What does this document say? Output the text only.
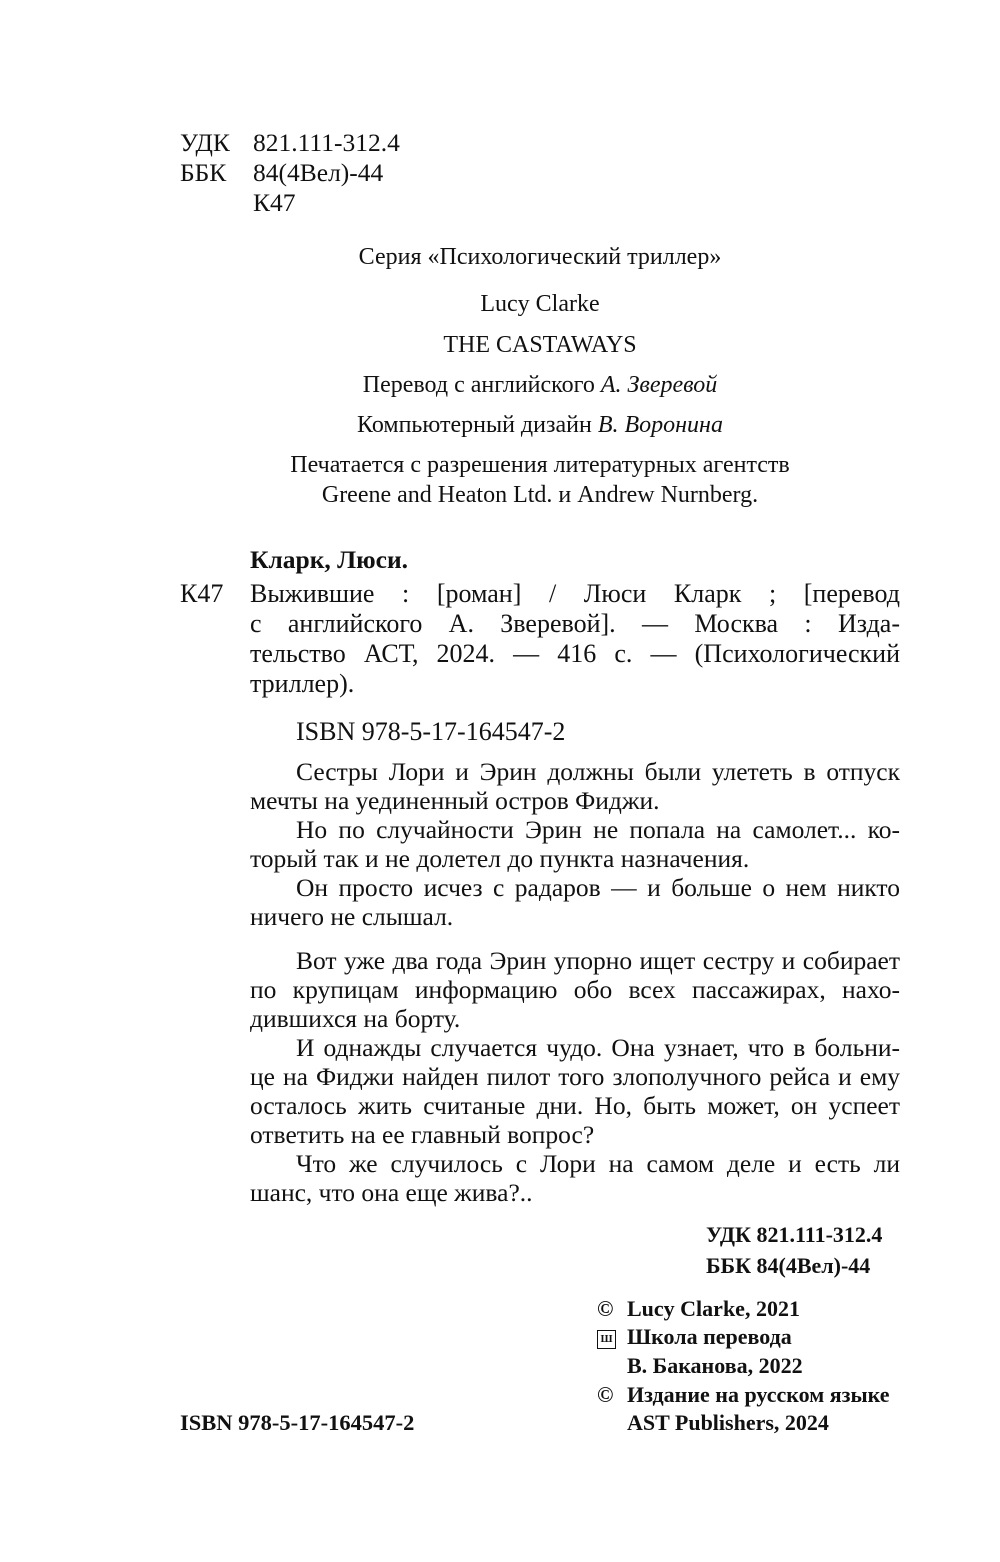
УДК 821.111-312.4
ББК 84(4Вел)-44
К47
Серия «Психологический триллер»
Lucy Clarke
THE CASTAWAYS
Перевод с английского А. Зверевой
Компьютерный дизайн В. Воронина
Печатается с разрешения литературных агентств
Greene and Heaton Ltd. и Andrew Nurnberg.
Кларк, Люси.
К47 Выжившие : [роман] / Люси Кларк ; [перевод
с английского А. Зверевой]. — Москва : Изда-
тельство АСТ, 2024. — 416 с. — (Психологический
триллер).
ISBN 978-5-17-164547-2
Сестры Лори и Эрин должны были улететь в отпуск
мечты на уединенный остров Фиджи.
Но по случайности Эрин не попала на самолет... ко-
торый так и не долетел до пункта назначения.
Он просто исчез с радаров — и больше о нем никто
ничего не слышал.
Вот уже два года Эрин упорно ищет сестру и собирает
по крупицам информацию обо всех пассажирах, нахо-
дившихся на борту.
И однажды случается чудо. Она узнает, что в больни-
це на Фиджи найден пилот того злополучного рейса и ему
осталось жить считаные дни. Но, быть может, он успеет
ответить на ее главный вопрос?
Что же случилось с Лори на самом деле и есть ли
шанс, что она еще жива?..
УДК 821.111-312.4
ББК 84(4Вел)-44
© Lucy Clarke, 2021
Ш Школа перевода
В. Баканова, 2022
© Издание на русском языке
AST Publishers, 2024
ISBN 978-5-17-164547-2
